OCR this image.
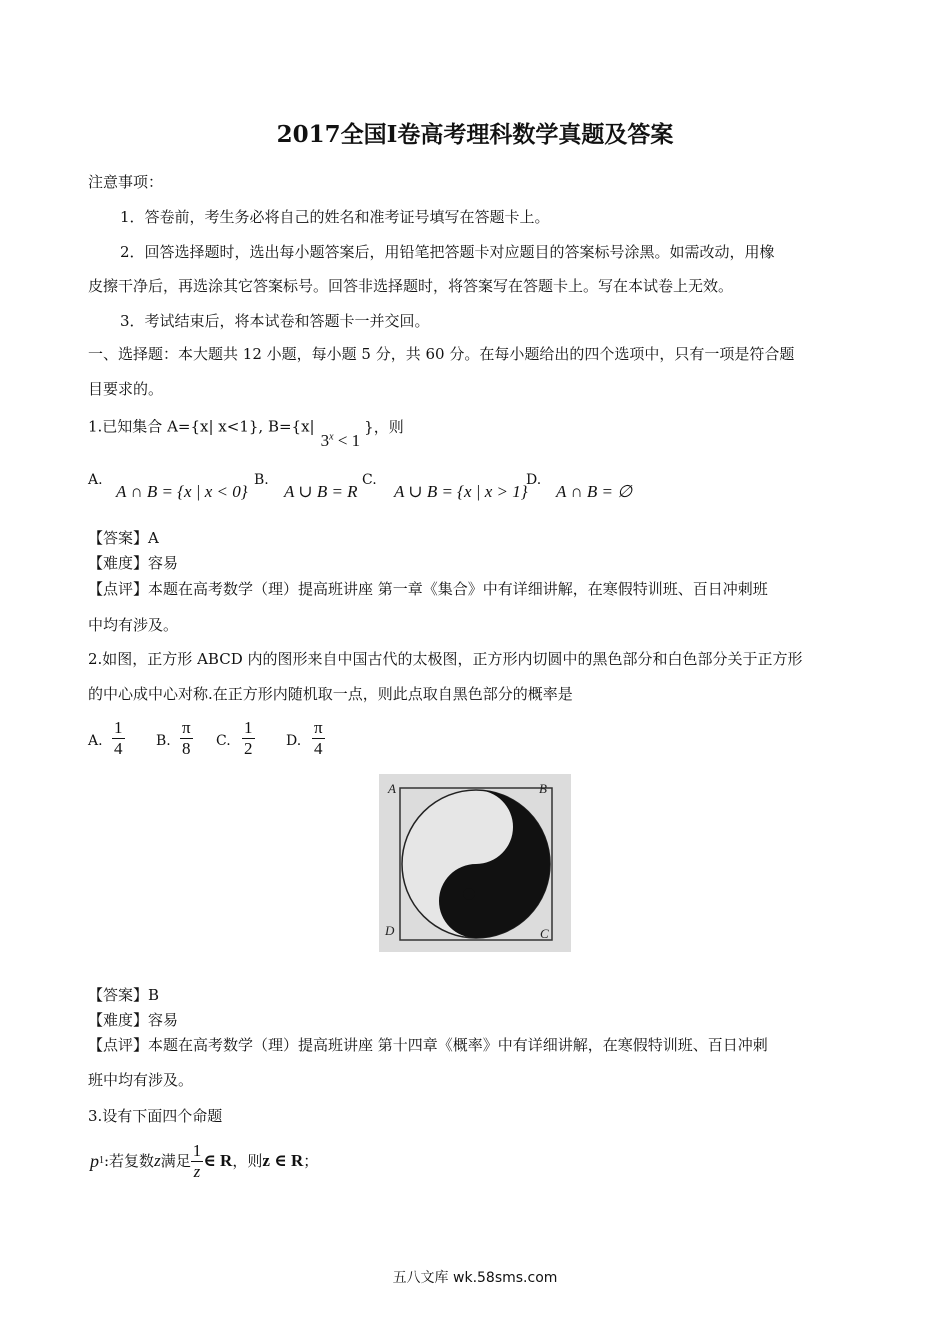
2017全国Ⅰ卷高考理科数学真题及答案
注意事项：
1．答卷前，考生务必将自己的姓名和准考证号填写在答题卡上。
2．回答选择题时，选出每小题答案后，用铅笔把答题卡对应题目的答案标号涂黑。如需改动，用橡
皮擦干净后，再选涂其它答案标号。回答非选择题时，将答案写在答题卡上。写在本试卷上无效。
3．考试结束后，将本试卷和答题卡一并交回。
一、选择题：本大题共 12 小题，每小题 5 分，共 60 分。在每小题给出的四个选项中，只有一项是符合题
目要求的。
1.已知集合 A={x| x<1}, $B=\{x|3^x < 1\}$，则
A.
A ∩ B = {x | x < 0}
B.
A ∪ B = R
C.
A ∪ B = {x | x > 1}
D.
A ∩ B = ∅
【答案】A
【难度】容易
【点评】本题在高考数学（理）提高班讲座 第一章《集合》中有详细讲解，在寒假特训班、百日冲刺班
中均有涉及。
2.如图，正方形 ABCD 内的图形来自中国古代的太极图，正方形内切圆中的黑色部分和白色部分关于正方形
的中心成中心对称.在正方形内随机取一点，则此点取自黑色部分的概率是
A. $\frac{1}{4} B$. $\frac{\pi}{8} C$. $\frac{1}{2} D$. $\frac{\pi}{4}$
A	B
C
D
【答案】B
【难度】容易
【点评】本题在高考数学（理）提高班讲座 第十四章《概率》中有详细讲解，在寒假特训班、百日冲刺
班中均有涉及。
3.设有下面四个命题
p 1 :若复数 z 满足 $\frac{1}{z}$ ∈ R ，则 z ∈ R ；
五八文库 wk.58sms.com
